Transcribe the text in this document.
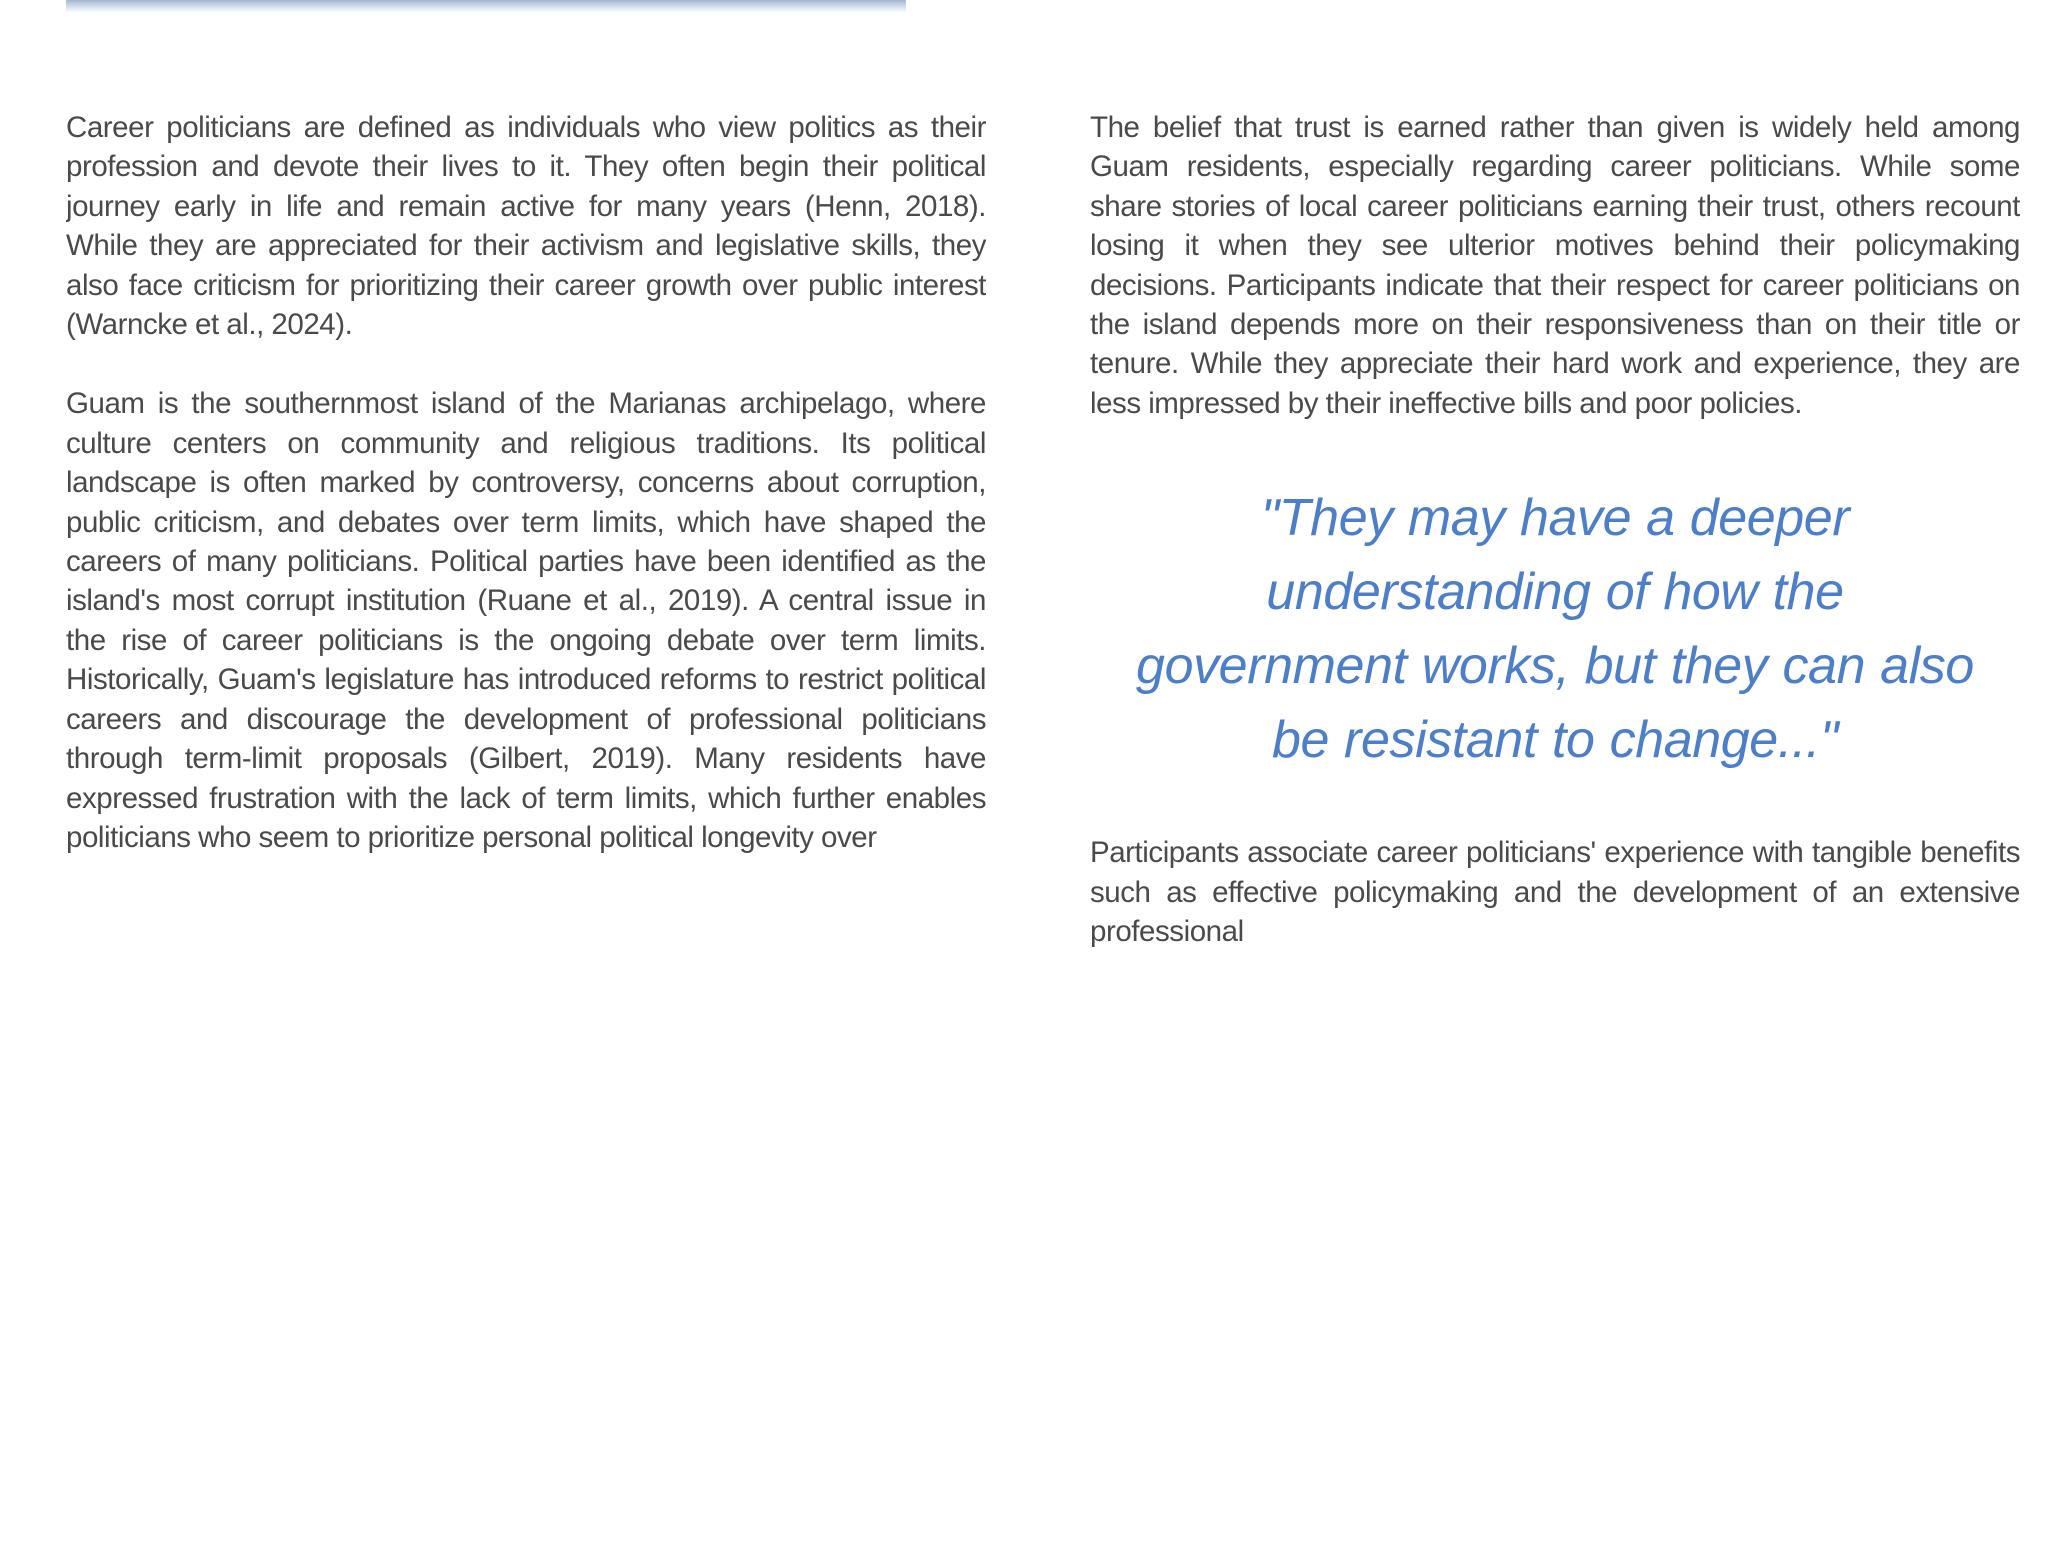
Career politicians are defined as individuals who view politics as their profession and devote their lives to it. They often begin their political journey early in life and remain active for many years (Henn, 2018). While they are appreciated for their activism and legislative skills, they also face criticism for prioritizing their career growth over public interest (Warncke et al., 2024).

Guam is the southernmost island of the Marianas archipelago, where culture centers on community and religious traditions. Its political landscape is often marked by controversy, concerns about corruption, public criticism, and debates over term limits, which have shaped the careers of many politicians. Political parties have been identified as the island's most corrupt institution (Ruane et al., 2019). A central issue in the rise of career politicians is the ongoing debate over term limits. Historically, Guam's legislature has introduced reforms to restrict political careers and discourage the development of professional politicians through term-limit proposals (Gilbert, 2019). Many residents have expressed frustration with the lack of term limits, which further enables politicians who seem to prioritize personal political longevity over

The belief that trust is earned rather than given is widely held among Guam residents, especially regarding career politicians. While some share stories of local career politicians earning their trust, others recount losing it when they see ulterior motives behind their policymaking decisions. Participants indicate that their respect for career politicians on the island depends more on their responsiveness than on their title or tenure. While they appreciate their hard work and experience, they are less impressed by their ineffective bills and poor policies.

"They may have a deeper understanding of how the government works, but they can also be resistant to change..."

Participants associate career politicians' experience with tangible benefits such as effective policymaking and the development of an extensive professional
